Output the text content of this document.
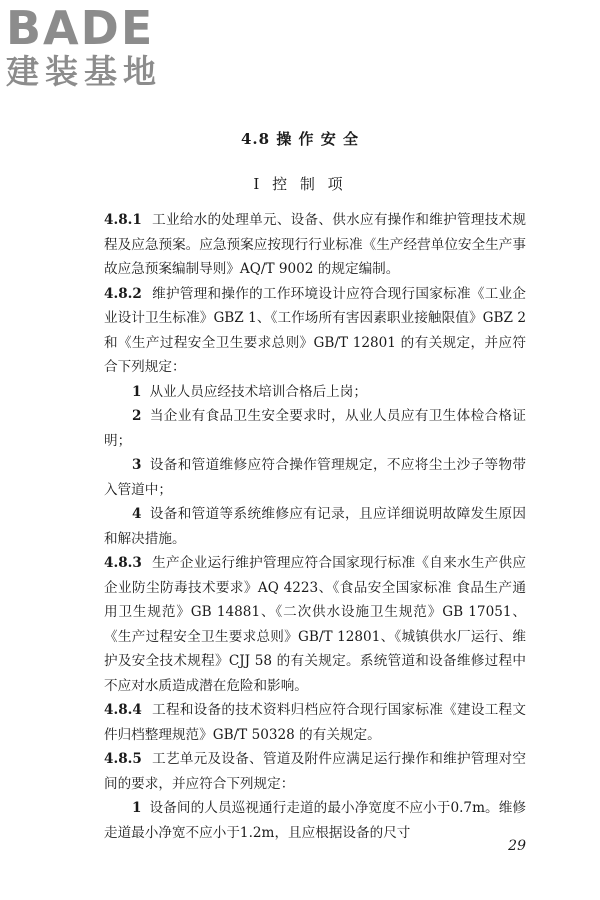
BADE
建装基地
4.8 操 作 安 全
Ⅰ 控 制 项

4.8.1 工业给水的处理单元、设备、供水应有操作和维护管理技术规程及应急预案。应急预案应按现行行业标准《生产经营单位安全生产事故应急预案编制导则》AQ/T 9002 的规定编制。

4.8.2 维护管理和操作的工作环境设计应符合现行国家标准《工业企业设计卫生标准》GBZ 1、《工作场所有害因素职业接触限值》GBZ 2 和《生产过程安全卫生要求总则》GB/T 12801 的有关规定，并应符合下列规定：

1 从业人员应经技术培训合格后上岗；

2 当企业有食品卫生安全要求时，从业人员应有卫生体检合格证明；

3 设备和管道维修应符合操作管理规定，不应将尘土沙子等物带入管道中；

4 设备和管道等系统维修应有记录，且应详细说明故障发生原因和解决措施。

4.8.3 生产企业运行维护管理应符合国家现行标准《自来水生产供应企业防尘防毒技术要求》AQ 4223、《食品安全国家标准 食品生产通用卫生规范》GB 14881、《二次供水设施卫生规范》GB 17051、《生产过程安全卫生要求总则》GB/T 12801、《城镇供水厂运行、维护及安全技术规程》CJJ 58 的有关规定。系统管道和设备维修过程中不应对水质造成潜在危险和影响。

4.8.4 工程和设备的技术资料归档应符合现行国家标准《建设工程文件归档整理规范》GB/T 50328 的有关规定。

4.8.5 工艺单元及设备、管道及附件应满足运行操作和维护管理对空间的要求，并应符合下列规定：

1 设备间的人员巡视通行走道的最小净宽度不应小于0.7m。维修走道最小净宽不应小于1.2m，且应根据设备的尺寸

29
